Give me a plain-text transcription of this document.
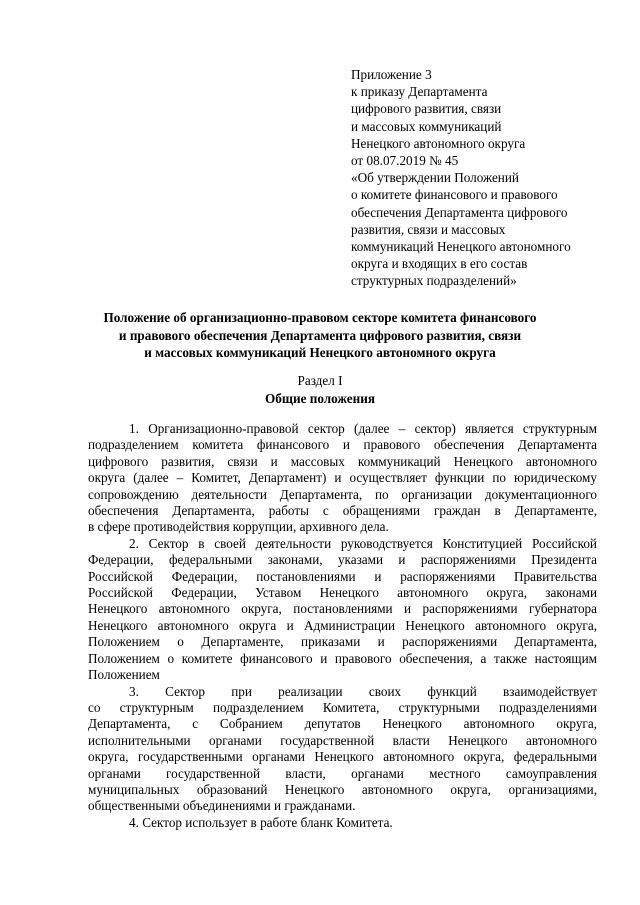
Приложение 3
к приказу Департамента
цифрового развития, связи
и массовых коммуникаций
Ненецкого автономного округа
от 08.07.2019 № 45
«Об утверждении Положений
о комитете финансового и правового
обеспечения Департамента цифрового
развития, связи и массовых
коммуникаций Ненецкого автономного
округа и входящих в его состав
структурных подразделений»
Положение об организационно-правовом секторе комитета финансового
и правового обеспечения Департамента цифрового развития, связи
и массовых коммуникаций Ненецкого автономного округа
Раздел I
Общие положения
1. Организационно-правовой сектор (далее – сектор) является структурным
подразделением комитета финансового и правового обеспечения Департамента
цифрового развития, связи и массовых коммуникаций Ненецкого автономного
округа (далее – Комитет, Департамент) и осуществляет функции по юридическому
сопровождению деятельности Департамента, по организации документационного
обеспечения Департамента, работы с обращениями граждан в Департаменте,
в сфере противодействия коррупции, архивного дела.
2. Сектор в своей деятельности руководствуется Конституцией Российской
Федерации, федеральными законами, указами и распоряжениями Президента
Российской Федерации, постановлениями и распоряжениями Правительства
Российской Федерации, Уставом Ненецкого автономного округа, законами
Ненецкого автономного округа, постановлениями и распоряжениями губернатора
Ненецкого автономного округа и Администрации Ненецкого автономного округа,
Положением о Департаменте, приказами и распоряжениями Департамента,
Положением о комитете финансового и правового обеспечения, а также настоящим
Положением
3. Сектор при реализации своих функций взаимодействует
со структурным подразделением Комитета, структурными подразделениями
Департамента, с Собранием депутатов Ненецкого автономного округа,
исполнительными органами государственной власти Ненецкого автономного
округа, государственными органами Ненецкого автономного округа, федеральными
органами государственной власти, органами местного самоуправления
муниципальных образований Ненецкого автономного округа, организациями,
общественными объединениями и гражданами.
4. Сектор использует в работе бланк Комитета.
